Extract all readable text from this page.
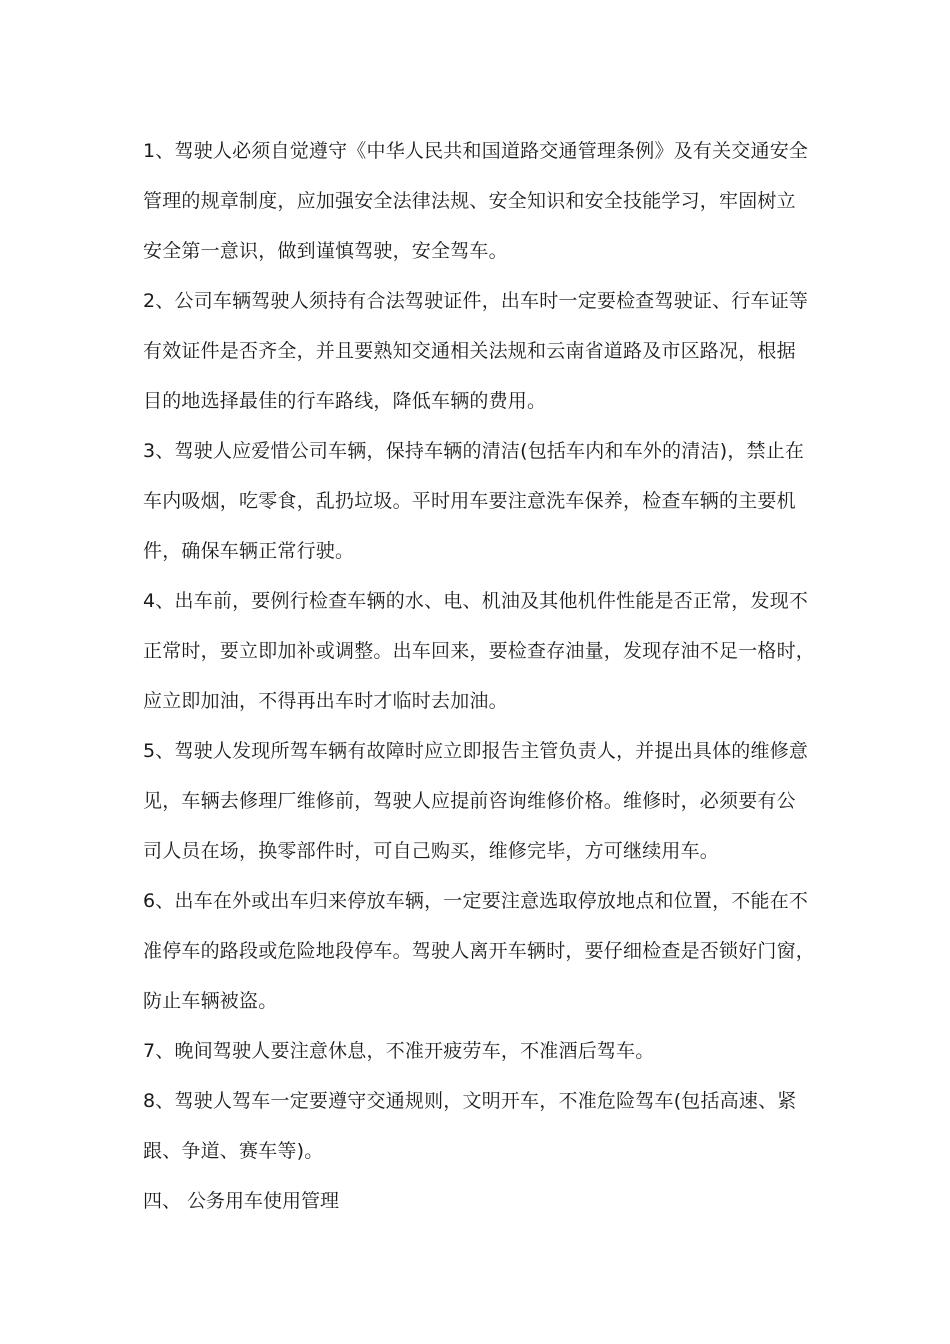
1、驾驶人必须自觉遵守《中华人民共和国道路交通管理条例》及有关交通安全
管理的规章制度，应加强安全法律法规、安全知识和安全技能学习，牢固树立
安全第一意识，做到谨慎驾驶，安全驾车。
2、公司车辆驾驶人须持有合法驾驶证件，出车时一定要检查驾驶证、行车证等
有效证件是否齐全，并且要熟知交通相关法规和云南省道路及市区路况，根据
目的地选择最佳的行车路线，降低车辆的费用。
3、驾驶人应爱惜公司车辆，保持车辆的清洁(包括车内和车外的清洁)，禁止在
车内吸烟，吃零食，乱扔垃圾。平时用车要注意洗车保养，检查车辆的主要机
件，确保车辆正常行驶。
4、出车前，要例行检查车辆的水、电、机油及其他机件性能是否正常，发现不
正常时，要立即加补或调整。出车回来，要检查存油量，发现存油不足一格时，
应立即加油，不得再出车时才临时去加油。
5、驾驶人发现所驾车辆有故障时应立即报告主管负责人，并提出具体的维修意
见，车辆去修理厂维修前，驾驶人应提前咨询维修价格。维修时，必须要有公
司人员在场，换零部件时，可自己购买，维修完毕，方可继续用车。
6、出车在外或出车归来停放车辆，一定要注意选取停放地点和位置，不能在不
准停车的路段或危险地段停车。驾驶人离开车辆时，要仔细检查是否锁好门窗，
防止车辆被盗。
7、晚间驾驶人要注意休息，不准开疲劳车，不准酒后驾车。
8、驾驶人驾车一定要遵守交通规则，文明开车，不准危险驾车(包括高速、紧
跟、争道、赛车等)。
四、 公务用车使用管理
